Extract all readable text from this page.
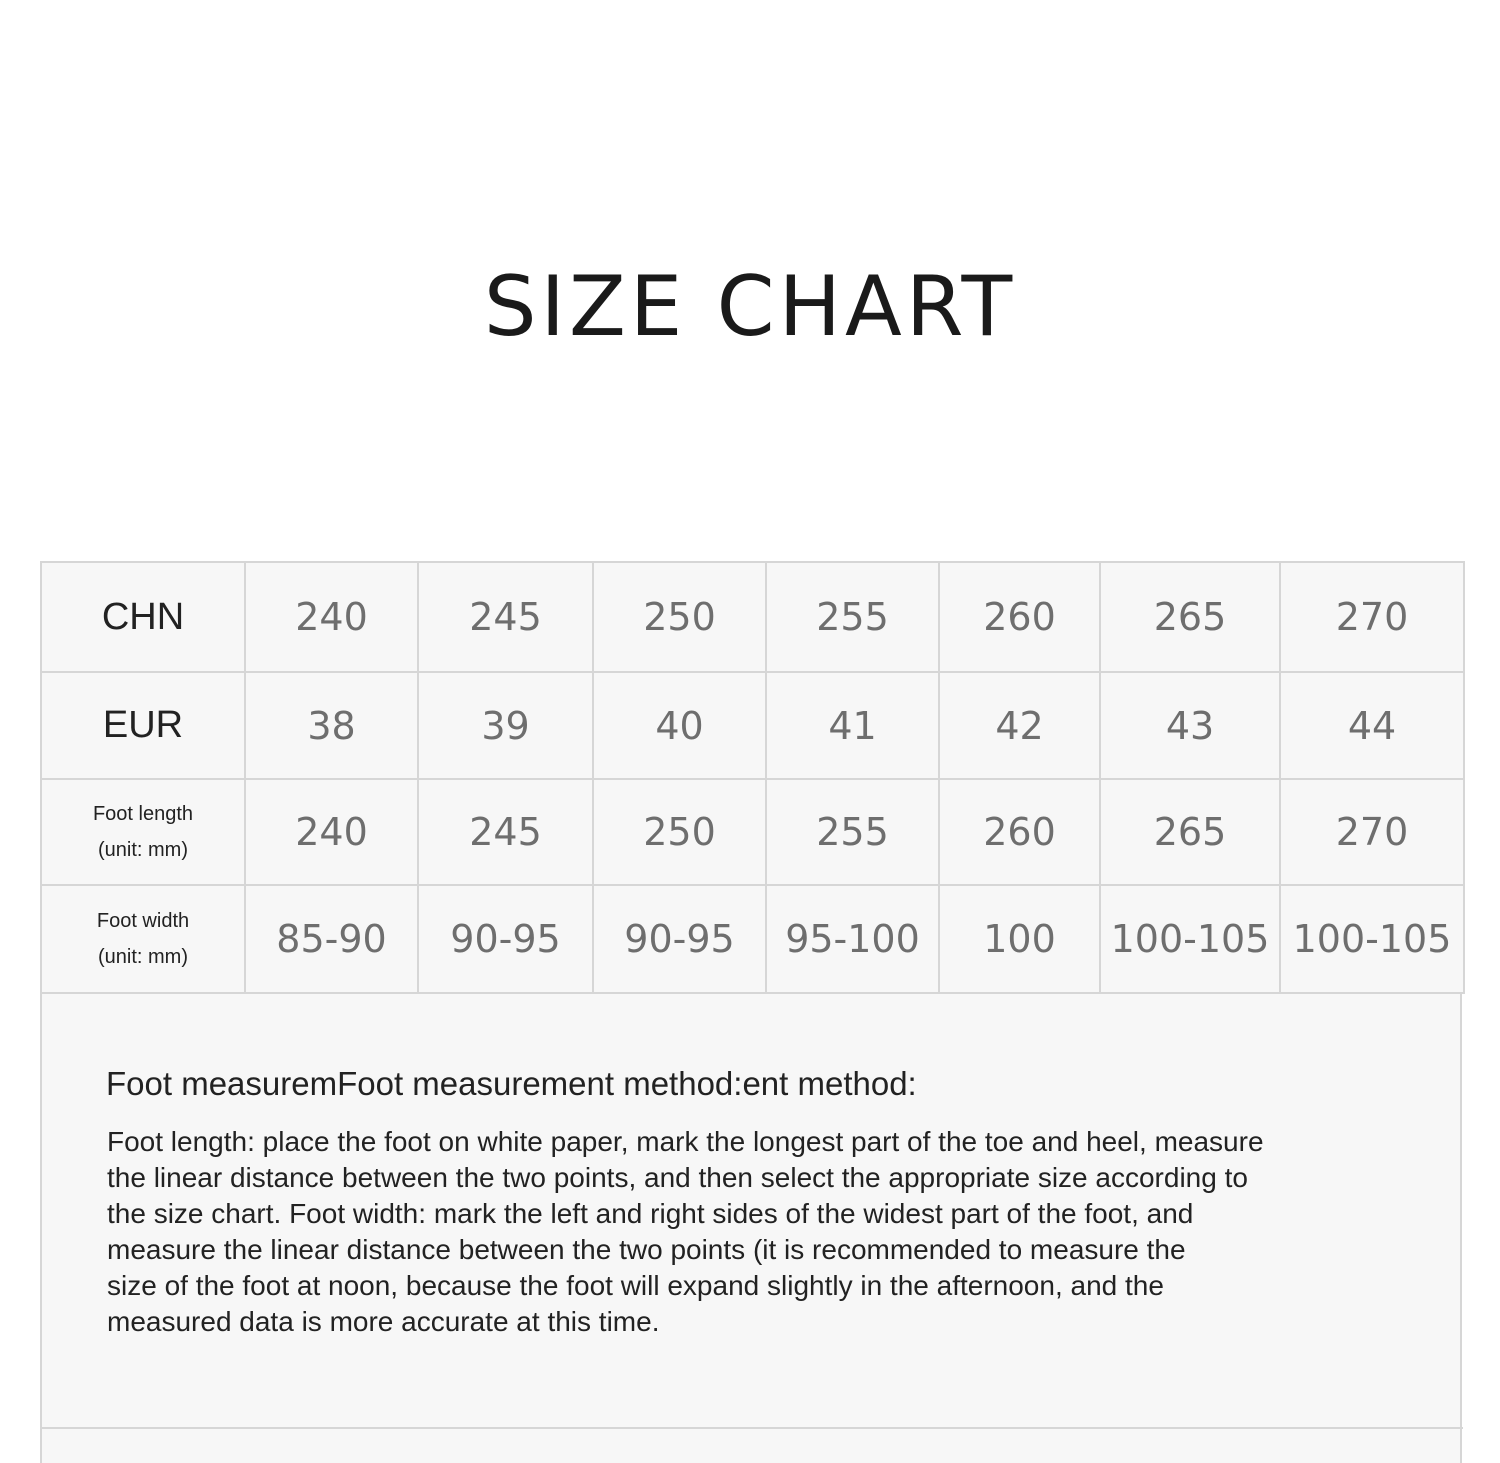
SIZE CHART
CHN	240	245	250	255	260	265	270
EUR	38	39	40	41	42	43	44

Foot length
(unit: mm)	240	245	250	255	260	265	270

Foot width
(unit: mm)	85-90	90-95	90-95	95-100	100	100-105	100-105
Foot measuremFoot measurement method:ent method:
Foot length: place the foot on white paper, mark the longest part of the toe and heel, measure
the linear distance between the two points, and then select the appropriate size according to
the size chart. Foot width: mark the left and right sides of the widest part of the foot, and
measure the linear distance between the two points (it is recommended to measure the
size of the foot at noon, because the foot will expand slightly in the afternoon, and the
measured data is more accurate at this time.
